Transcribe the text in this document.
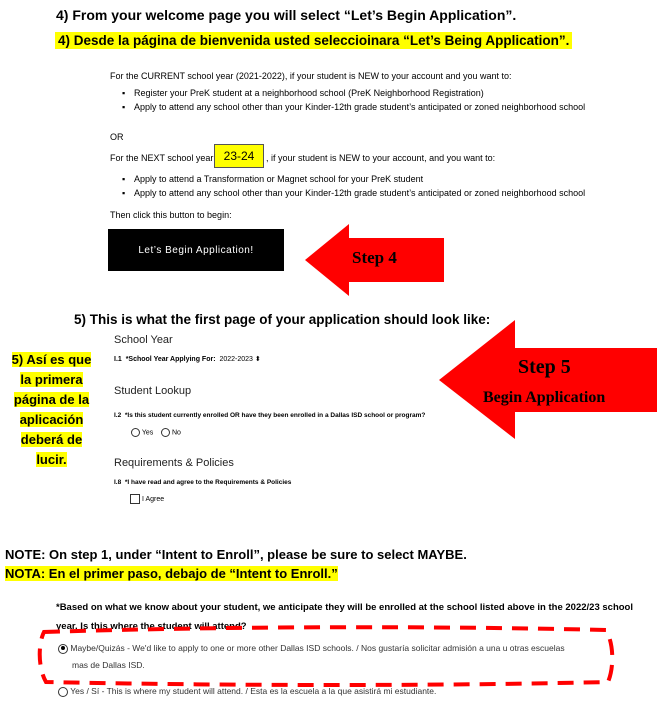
4) From your welcome page you will select “Let’s Begin Application”.
4) Desde la página de bienvenida usted seleccioinara “Let’s Being Application”.
For the CURRENT school year (2021-2022), if your student is NEW to your account and you want to:
▪ Register your PreK student at a neighborhood school (PreK Neighborhood Registration)
▪ Apply to attend any school other than your Kinder-12th grade student’s anticipated or zoned neighborhood school
OR
For the NEXT school year 23-24	, if your student is NEW to your account, and you want to:
▪ Apply to attend a Transformation or Magnet school for your PreK student
▪ Apply to attend any school other than your Kinder-12th grade student’s anticipated or zoned neighborhood school
Then click this button to begin:
Let’s Begin Application!	Step 4
5) This is what the first page of your application should look like:
5) Así es que
la primera
página de la
aplicación
deberá de
lucir.
School Year
I.1 *School Year Applying For: 2022-2023 ⬍
Student Lookup
I.2 *Is this student currently enrolled OR have they been enrolled in a Dallas ISD school or program?
Yes	No
Requirements & Policies
I.8 *I have read and agree to the Requirements & Policies
I Agree
Step 5
Begin Application
NOTE: On step 1, under “Intent to Enroll”, please be sure to select MAYBE.
NOTA: En el primer paso, debajo de “Intent to Enroll.”
*Based on what we know about your student, we anticipate they will be enrolled at the school listed above in the 2022/23 school year. Is this where the student will attend?
Maybe/Quizás - We'd like to apply to one or more other Dallas ISD schools. / Nos gustaría solicitar admisión a una u otras escuelas
mas de Dallas ISD.
Yes / Sí - This is where my student will attend. / Esta es la escuela a la que asistirá mi estudiante.
